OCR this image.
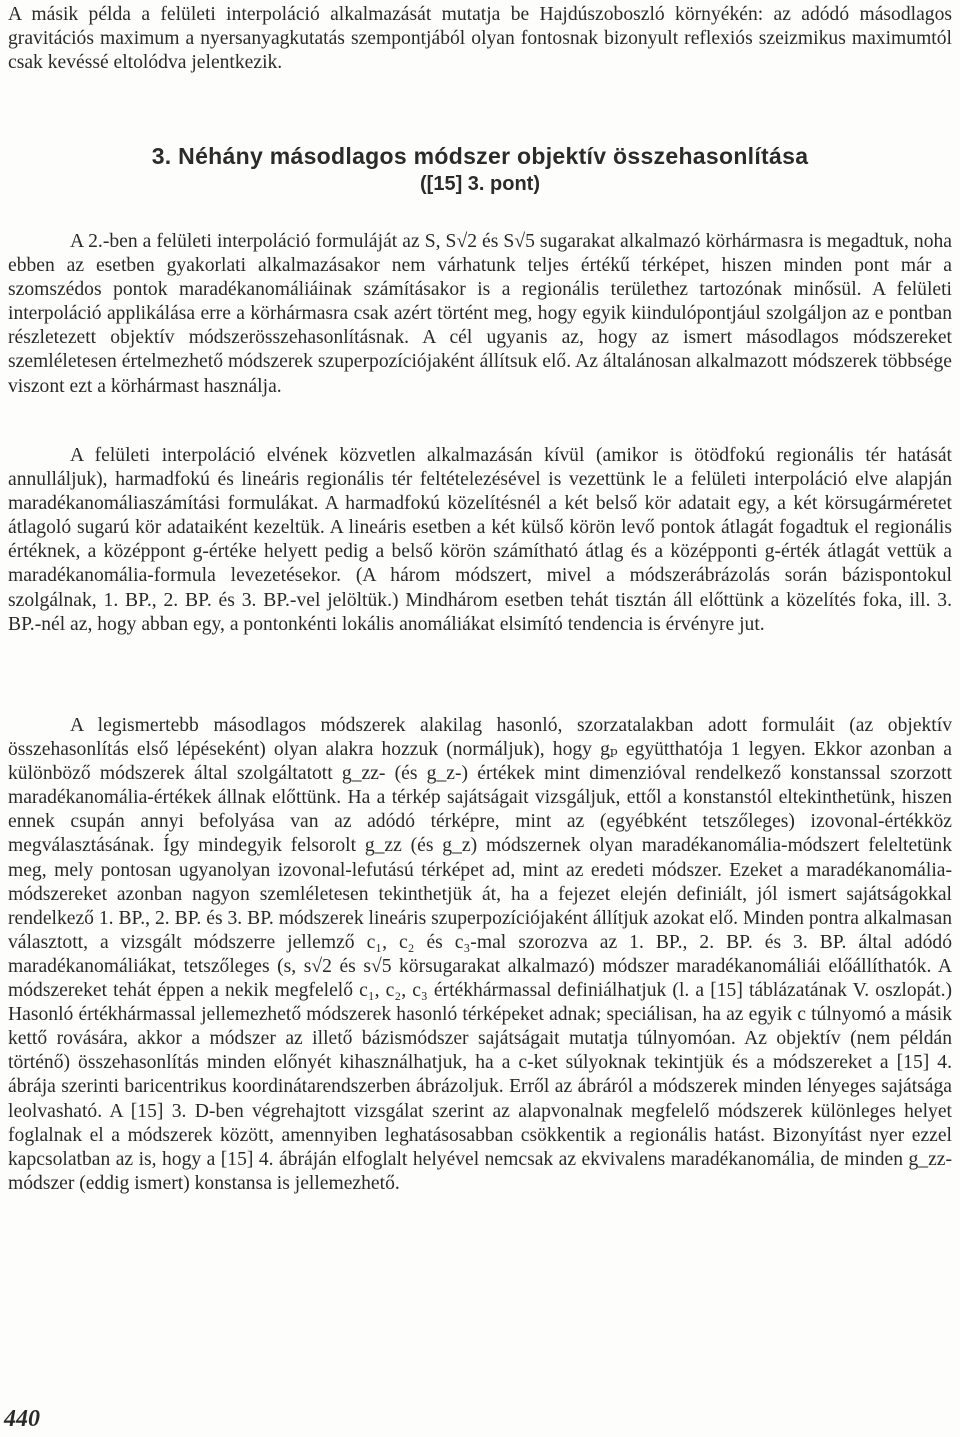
A másik példa a felületi interpoláció alkalmazását mutatja be Hajdúszoboszló környékén: az adódó másodlagos gravitációs maximum a nyersanyagkutatás szempontjából olyan fontosnak bizonyult reflexiós szeizmikus maximumtól csak kevéssé eltolódva jelentkezik.

3. Néhány másodlagos módszer objektív összehasonlítása
([15] 3. pont)

A 2.-ben a felületi interpoláció formuláját az S, S√2 és S√5 sugarakat alkalmazó körhármasra is megadtuk, noha ebben az esetben gyakorlati alkalmazásakor nem várhatunk teljes értékű térképet, hiszen minden pont már a szomszédos pontok maradékanomáliáinak számításakor is a regionális területhez tartozónak minősül. A felületi interpoláció applikálása erre a körhármasra csak azért történt meg, hogy egyik kiindulópontjául szolgáljon az e pontban részletezett objektív módszerösszehasonlításnak. A cél ugyanis az, hogy az ismert másodlagos módszereket szemléletesen értelmezhető módszerek szuperpozíciójaként állítsuk elő. Az általánosan alkalmazott módszerek többsége viszont ezt a körhármast használja.

A felületi interpoláció elvének közvetlen alkalmazásán kívül (amikor is ötödfokú regionális tér hatását annulláljuk), harmadfokú és lineáris regionális tér feltételezésével is vezettünk le a felületi interpoláció elve alapján maradékanomáliaszámítási formulákat. A harmadfokú közelítésnél a két belső kör adatait egy, a két körsugárméretet átlagoló sugarú kör adataiként kezeltük. A lineáris esetben a két külső körön levő pontok átlagát fogadtuk el regionális értéknek, a középpont g-értéke helyett pedig a belső körön számítható átlag és a középponti g-érték átlagát vettük a maradékanomália-formula levezetésekor. (A három módszert, mivel a módszerábrázolás során bázispontokul szolgálnak, 1. BP., 2. BP. és 3. BP.-vel jelöltük.) Mindhárom esetben tehát tisztán áll előttünk a közelítés foka, ill. 3. BP.-nél az, hogy abban egy, a pontonkénti lokális anomáliákat elsimító tendencia is érvényre jut.

A legismertebb másodlagos módszerek alakilag hasonló, szorzatalakban adott formuláit (az objektív összehasonlítás első lépéseként) olyan alakra hozzuk (normáljuk), hogy gₚ együtthatója 1 legyen. Ekkor azonban a különböző módszerek által szolgáltatott g_zz- (és g_z-) értékek mint dimenzióval rendelkező konstanssal szorzott maradékanomália-értékek állnak előttünk. Ha a térkép sajátságait vizsgáljuk, ettől a konstanstól eltekinthetünk, hiszen ennek csupán annyi befolyása van az adódó térképre, mint az (egyébként tetszőleges) izovonal-értékköz megválasztásának. Így mindegyik felsorolt g_zz (és g_z) módszernek olyan maradékanomália-módszert feleltetünk meg, mely pontosan ugyanolyan izovonal-lefutású térképet ad, mint az eredeti módszer. Ezeket a maradékanomália-módszereket azonban nagyon szemléletesen tekinthetjük át, ha a fejezet elején definiált, jól ismert sajátságokkal rendelkező 1. BP., 2. BP. és 3. BP. módszerek lineáris szuperpozíciójaként állítjuk azokat elő. Minden pontra alkalmasan választott, a vizsgált módszerre jellemző c₁, c₂ és c₃-mal szorozva az 1. BP., 2. BP. és 3. BP. által adódó maradékanomáliákat, tetszőleges (s, s√2 és s√5 körsugarakat alkalmazó) módszer maradékanomáliái előállíthatók. A módszereket tehát éppen a nekik megfelelő c₁, c₂, c₃ értékhármassal definiálhatjuk (l. a [15] táblázatának V. oszlopát.) Hasonló értékhármassal jellemezhető módszerek hasonló térképeket adnak; speciálisan, ha az egyik c túlnyomó a másik kettő rovására, akkor a módszer az illető bázismódszer sajátságait mutatja túlnyomóan. Az objektív (nem példán történő) összehasonlítás minden előnyét kihasználhatjuk, ha a c-ket súlyoknak tekintjük és a módszereket a [15] 4. ábrája szerinti baricentrikus koordinátarendszerben ábrázoljuk. Erről az ábráról a módszerek minden lényeges sajátsága leolvasható. A [15] 3. D-ben végrehajtott vizsgálat szerint az alapvonalnak megfelelő módszerek különleges helyet foglalnak el a módszerek között, amennyiben leghatásosabban csökkentik a regionális hatást. Bizonyítást nyer ezzel kapcsolatban az is, hogy a [15] 4. ábráján elfoglalt helyével nemcsak az ekvivalens maradékanomália, de minden g_zz-módszer (eddig ismert) konstansa is jellemezhető.

440
